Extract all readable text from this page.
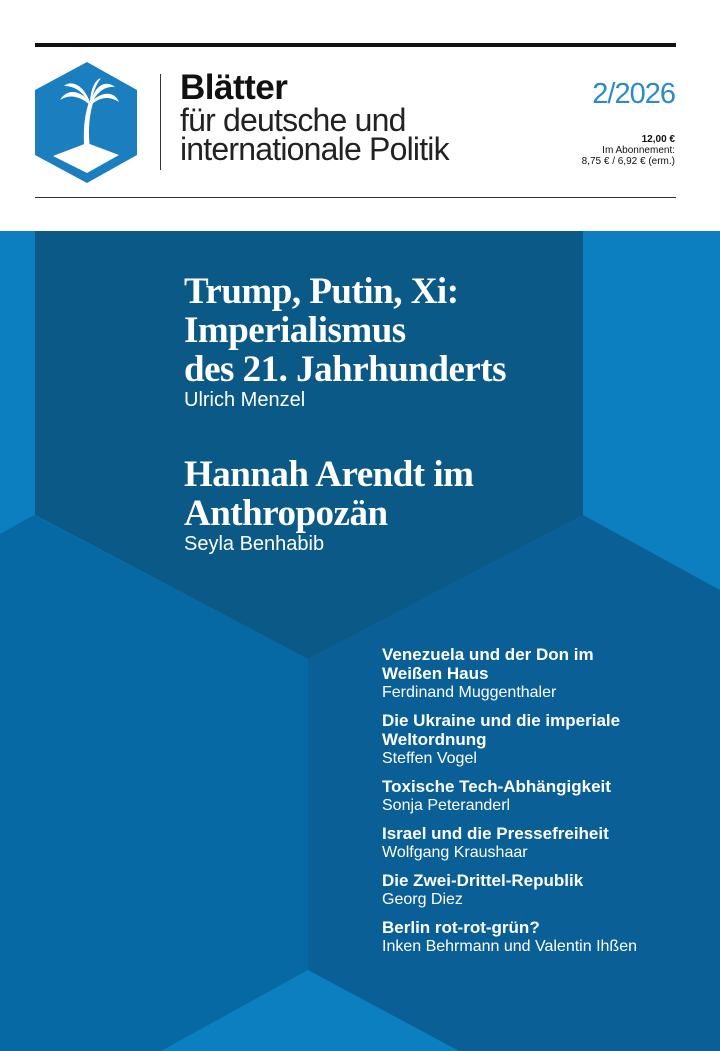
Blätter
für deutsche und
internationale Politik
2/2026
12,00 €
Im Abonnement:
8,75 € / 6,92 € (erm.)
Trump, Putin, Xi:
Imperialismus
des 21. Jahrhunderts
Ulrich Menzel
Hannah Arendt im
Anthropozän
Seyla Benhabib
Venezuela und der Don im Weißen Haus
Ferdinand Muggenthaler
Die Ukraine und die imperiale Weltordnung
Steffen Vogel
Toxische Tech-Abhängigkeit
Sonja Peteranderl
Israel und die Pressefreiheit
Wolfgang Kraushaar
Die Zwei-Drittel-Republik
Georg Diez
Berlin rot-rot-grün?
Inken Behrmann und Valentin Ihßen
